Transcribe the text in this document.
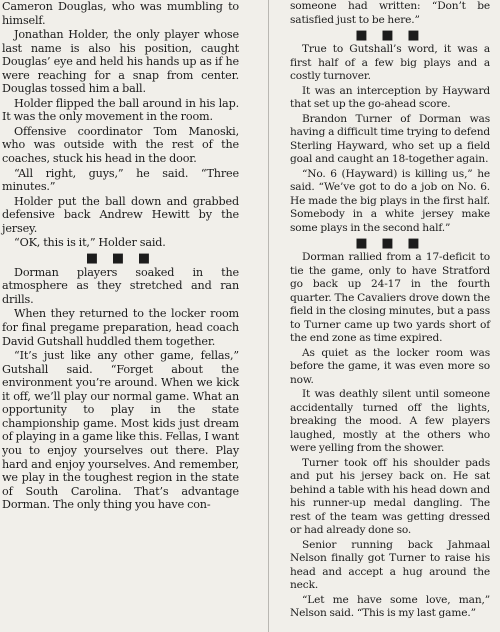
Cameron Douglas, who was mumbling to himself.

Jonathan Holder, the only player whose last name is also his position, caught Douglas’ eye and held his hands up as if he were reaching for a snap from center. Douglas tossed him a ball.

Holder flipped the ball around in his lap. It was the only movement in the room.

Offensive coordinator Tom Manoski, who was outside with the rest of the coaches, stuck his head in the door.

“All right, guys,” he said. “Three minutes.”

Holder put the ball down and grabbed defensive back Andrew Hewitt by the jersey.

“OK, this is it,” Holder said.

■ ■ ■

Dorman players soaked in the atmosphere as they stretched and ran drills.

When they returned to the locker room for final pregame preparation, head coach David Gutshall huddled them together.

“It’s just like any other game, fellas,” Gutshall said. “Forget about the environment you’re around. When we kick it off, we’ll play our normal game. What an opportunity to play in the state championship game. Most kids just dream of playing in a game like this. Fellas, I want you to enjoy yourselves out there. Play hard and enjoy yourselves. And remember, we play in the toughest region in the state of South Carolina. That’s advantage Dorman. The only thing you have con-

someone had written: “Don’t be satisfied just to be here.”

■ ■ ■

True to Gutshall’s word, it was a first half of a few big plays and a costly turnover.

It was an interception by Hayward that set up the go-ahead score.

Brandon Turner of Dorman was having a difficult time trying to defend Sterling Hayward, who set up a field goal and caught an 18-together again.

“No. 6 (Hayward) is killing us,” he said. “We’ve got to do a job on No. 6. He made the big plays in the first half. Somebody in a white jersey make some plays in the second half.”

■ ■ ■

Dorman rallied from a 17-deficit to tie the game, only to have Stratford go back up 24-17 in the fourth quarter. The Cavaliers drove down the field in the closing minutes, but a pass to Turner came up two yards short of the end zone as time expired.

As quiet as the locker room was before the game, it was even more so now.

It was deathly silent until someone accidentally turned off the lights, breaking the mood. A few players laughed, mostly at the others who were yelling from the shower.

Turner took off his shoulder pads and put his jersey back on. He sat behind a table with his head down and his runner-up medal dangling. The rest of the team was getting dressed or had already done so.

Senior running back Jahmaal Nelson finally got Turner to raise his head and accept a hug around the neck.

“Let me have some love, man,” Nelson said. “This is my last game.”
